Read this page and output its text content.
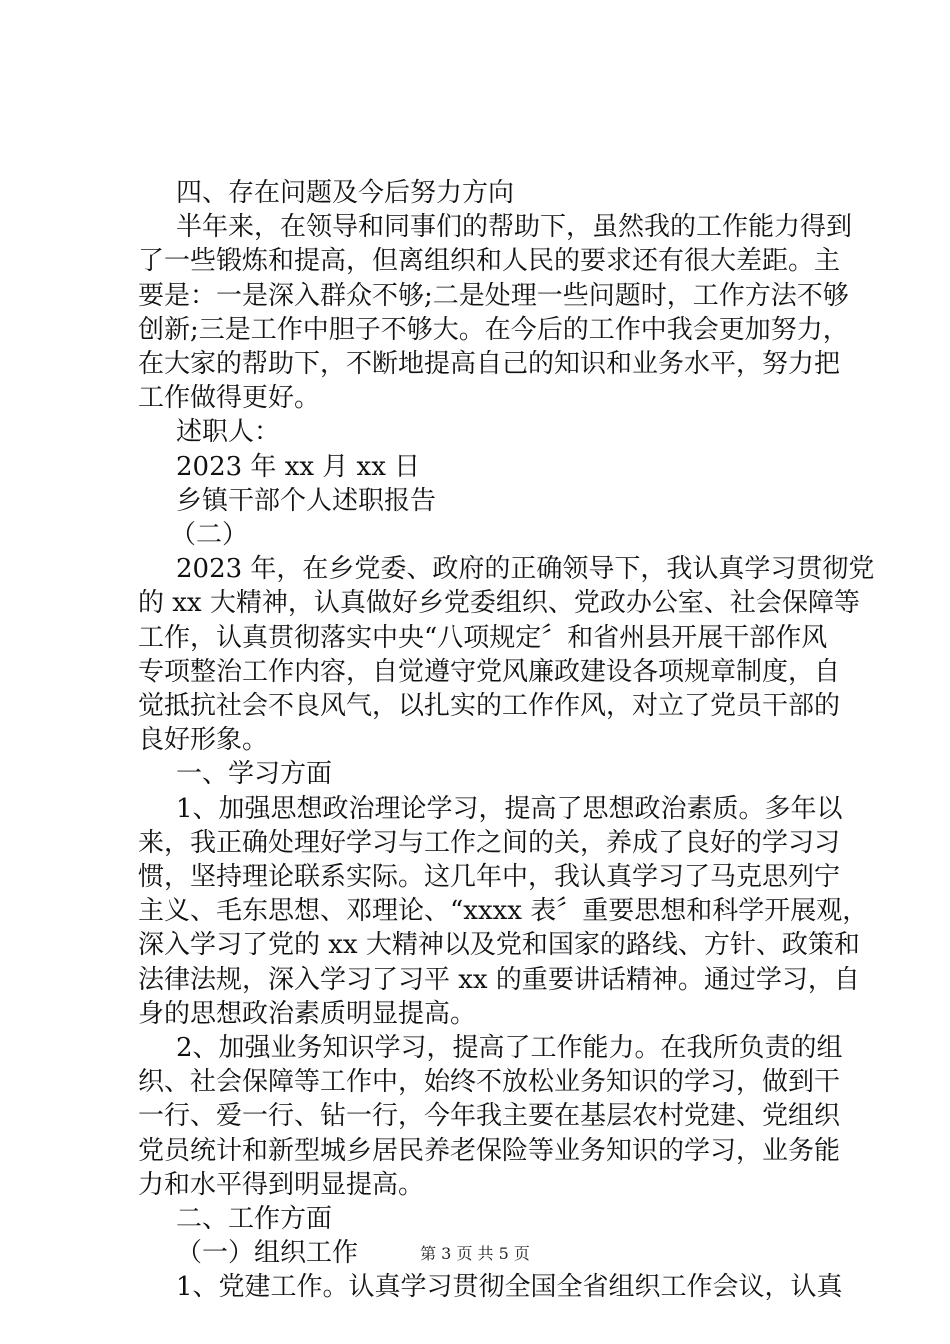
第 3 页 共 5 页
四、存在问题及今后努力方向
半年来，在领导和同事们的帮助下，虽然我的工作能力得到
了一些锻炼和提高，但离组织和人民的要求还有很大差距。主
要是：一是深入群众不够;二是处理一些问题时，工作方法不够
创新;三是工作中胆子不够大。在今后的工作中我会更加努力，
在大家的帮助下，不断地提高自己的知识和业务水平，努力把
工作做得更好。
述职人：
2023 年 xx 月 xx 日
乡镇干部个人述职报告
（二）
2023 年，在乡党委、政府的正确领导下，我认真学习贯彻党
的 xx 大精神，认真做好乡党委组织、党政办公室、社会保障等
工作，认真贯彻落实中央“八项规定〞和省州县开展干部作风
专项整治工作内容，自觉遵守党风廉政建设各项规章制度，自
觉抵抗社会不良风气，以扎实的工作作风，对立了党员干部的
良好形象。
一、学习方面
1、加强思想政治理论学习，提高了思想政治素质。多年以
来，我正确处理好学习与工作之间的关，养成了良好的学习习
惯，坚持理论联系实际。这几年中，我认真学习了马克思列宁
主义、毛东思想、邓理论、“xxxx 表〞重要思想和科学开展观，
深入学习了党的 xx 大精神以及党和国家的路线、方针、政策和
法律法规，深入学习了习平 xx 的重要讲话精神。通过学习，自
身的思想政治素质明显提高。
2、加强业务知识学习，提高了工作能力。在我所负责的组
织、社会保障等工作中，始终不放松业务知识的学习，做到干
一行、爱一行、钻一行，今年我主要在基层农村党建、党组织
党员统计和新型城乡居民养老保险等业务知识的学习，业务能
力和水平得到明显提高。
二、工作方面
（一）组织工作
1、党建工作。认真学习贯彻全国全省组织工作会议，认真
